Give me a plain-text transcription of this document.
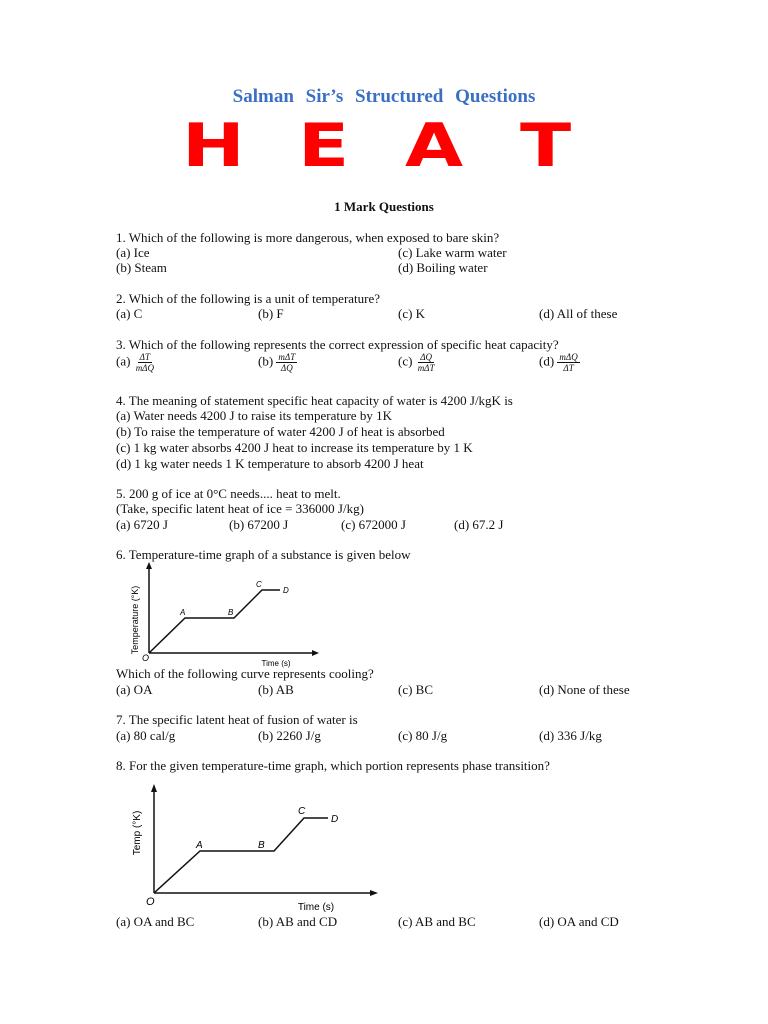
Salman Sir’s Structured Questions
H E A T
1 Mark Questions
1. Which of the following is more dangerous, when exposed to bare skin?
(a) Ice	(c) Lake warm water
(b) Steam	(d) Boiling water
2. Which of the following is a unit of temperature?
(a) C	(b) F	(c) K	(d) All of these
3. Which of the following represents the correct expression of specific heat capacity?
$(a) \frac{\Delta T}{\text{mΔQ}}$	$(b) \frac{\text{mΔT}}{\Delta Q}$	$(c) \frac{\Delta Q}{\text{mΔT}}$	$(d) \frac{\text{mΔQ}}{\Delta T}$
4. The meaning of statement specific heat capacity of water is 4200 J/kgK is
(a) Water needs 4200 J to raise its temperature by 1K
(b) To raise the temperature of water 4200 J of heat is absorbed
(c) 1 kg water absorbs 4200 J heat to increase its temperature by 1 K
(d) 1 kg water needs 1 K temperature to absorb 4200 J heat
5. 200 g of ice at 0°C needs.... heat to melt.
(Take, specific latent heat of ice = 336000 J/kg)
(a) 6720 J	(b) 67200 J	(c) 672000 J	(d) 67.2 J
6. Temperature-time graph of a substance is given below
Temperature (°K)
Time (s)
O
A	B
C
D
Which of the following curve represents cooling?
(a) OA	(b) AB	(c) BC	(d) None of these
7. The specific latent heat of fusion of water is
(a) 80 cal/g	(b) 2260 J/g	(c) 80 J/g	(d) 336 J/kg
8. For the given temperature-time graph, which portion represents phase transition?
Temp (°K)
Time (s)
O
A	B
C
D
(a) OA and BC	(b) AB and CD	(c) AB and BC	(d) OA and CD
